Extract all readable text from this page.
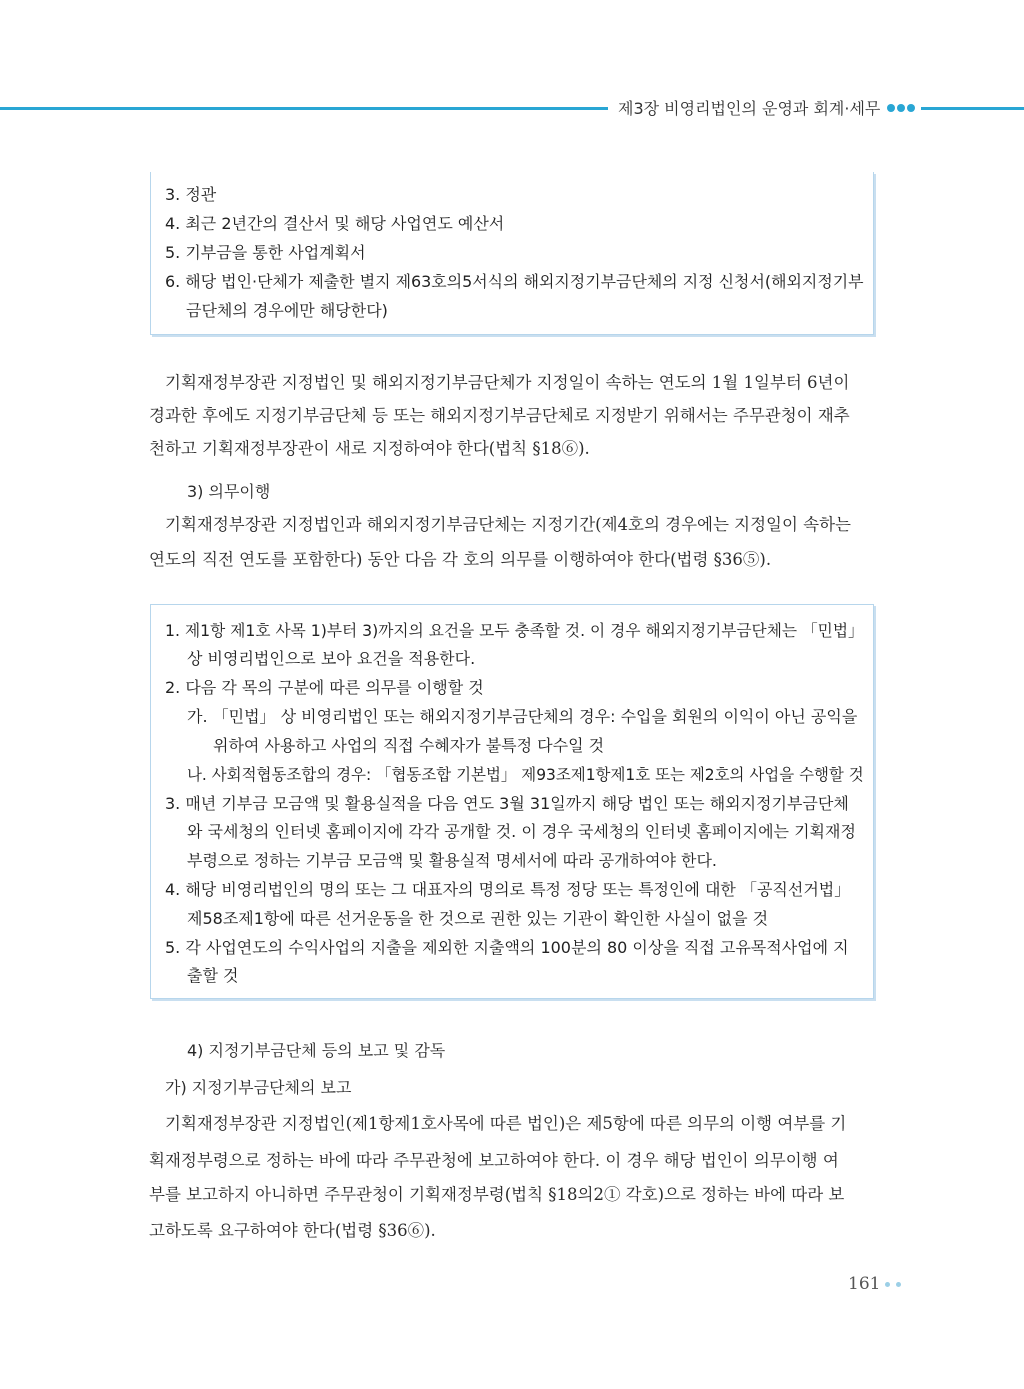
제3장 비영리법인의 운영과 회계·세무
3. 정관
4. 최근 2년간의 결산서 및 해당 사업연도 예산서
5. 기부금을 통한 사업계획서
6. 해당 법인·단체가 제출한 별지 제63호의5서식의 해외지정기부금단체의 지정 신청서(해외지정기부
금단체의 경우에만 해당한다)
기획재정부장관 지정법인 및 해외지정기부금단체가 지정일이 속하는 연도의 1월 1일부터 6년이
경과한 후에도 지정기부금단체 등 또는 해외지정기부금단체로 지정받기 위해서는 주무관청이 재추
천하고 기획재정부장관이 새로 지정하여야 한다(법칙 §18⑥).
3) 의무이행
기획재정부장관 지정법인과 해외지정기부금단체는 지정기간(제4호의 경우에는 지정일이 속하는
연도의 직전 연도를 포함한다) 동안 다음 각 호의 의무를 이행하여야 한다(법령 §36⑤).
1. 제1항 제1호 사목 1)부터 3)까지의 요건을 모두 충족할 것. 이 경우 해외지정기부금단체는 「민법」
상 비영리법인으로 보아 요건을 적용한다.
2. 다음 각 목의 구분에 따른 의무를 이행할 것
가. 「민법」 상 비영리법인 또는 해외지정기부금단체의 경우: 수입을 회원의 이익이 아닌 공익을
위하여 사용하고 사업의 직접 수혜자가 불특정 다수일 것
나. 사회적협동조합의 경우: 「협동조합 기본법」 제93조제1항제1호 또는 제2호의 사업을 수행할 것
3. 매년 기부금 모금액 및 활용실적을 다음 연도 3월 31일까지 해당 법인 또는 해외지정기부금단체
와 국세청의 인터넷 홈페이지에 각각 공개할 것. 이 경우 국세청의 인터넷 홈페이지에는 기획재정
부령으로 정하는 기부금 모금액 및 활용실적 명세서에 따라 공개하여야 한다.
4. 해당 비영리법인의 명의 또는 그 대표자의 명의로 특정 정당 또는 특정인에 대한 「공직선거법」
제58조제1항에 따른 선거운동을 한 것으로 권한 있는 기관이 확인한 사실이 없을 것
5. 각 사업연도의 수익사업의 지출을 제외한 지출액의 100분의 80 이상을 직접 고유목적사업에 지
출할 것
4) 지정기부금단체 등의 보고 및 감독
가) 지정기부금단체의 보고
기획재정부장관 지정법인(제1항제1호사목에 따른 법인)은 제5항에 따른 의무의 이행 여부를 기
획재정부령으로 정하는 바에 따라 주무관청에 보고하여야 한다. 이 경우 해당 법인이 의무이행 여
부를 보고하지 아니하면 주무관청이 기획재정부령(법칙 §18의2① 각호)으로 정하는 바에 따라 보
고하도록 요구하여야 한다(법령 §36⑥).
161
